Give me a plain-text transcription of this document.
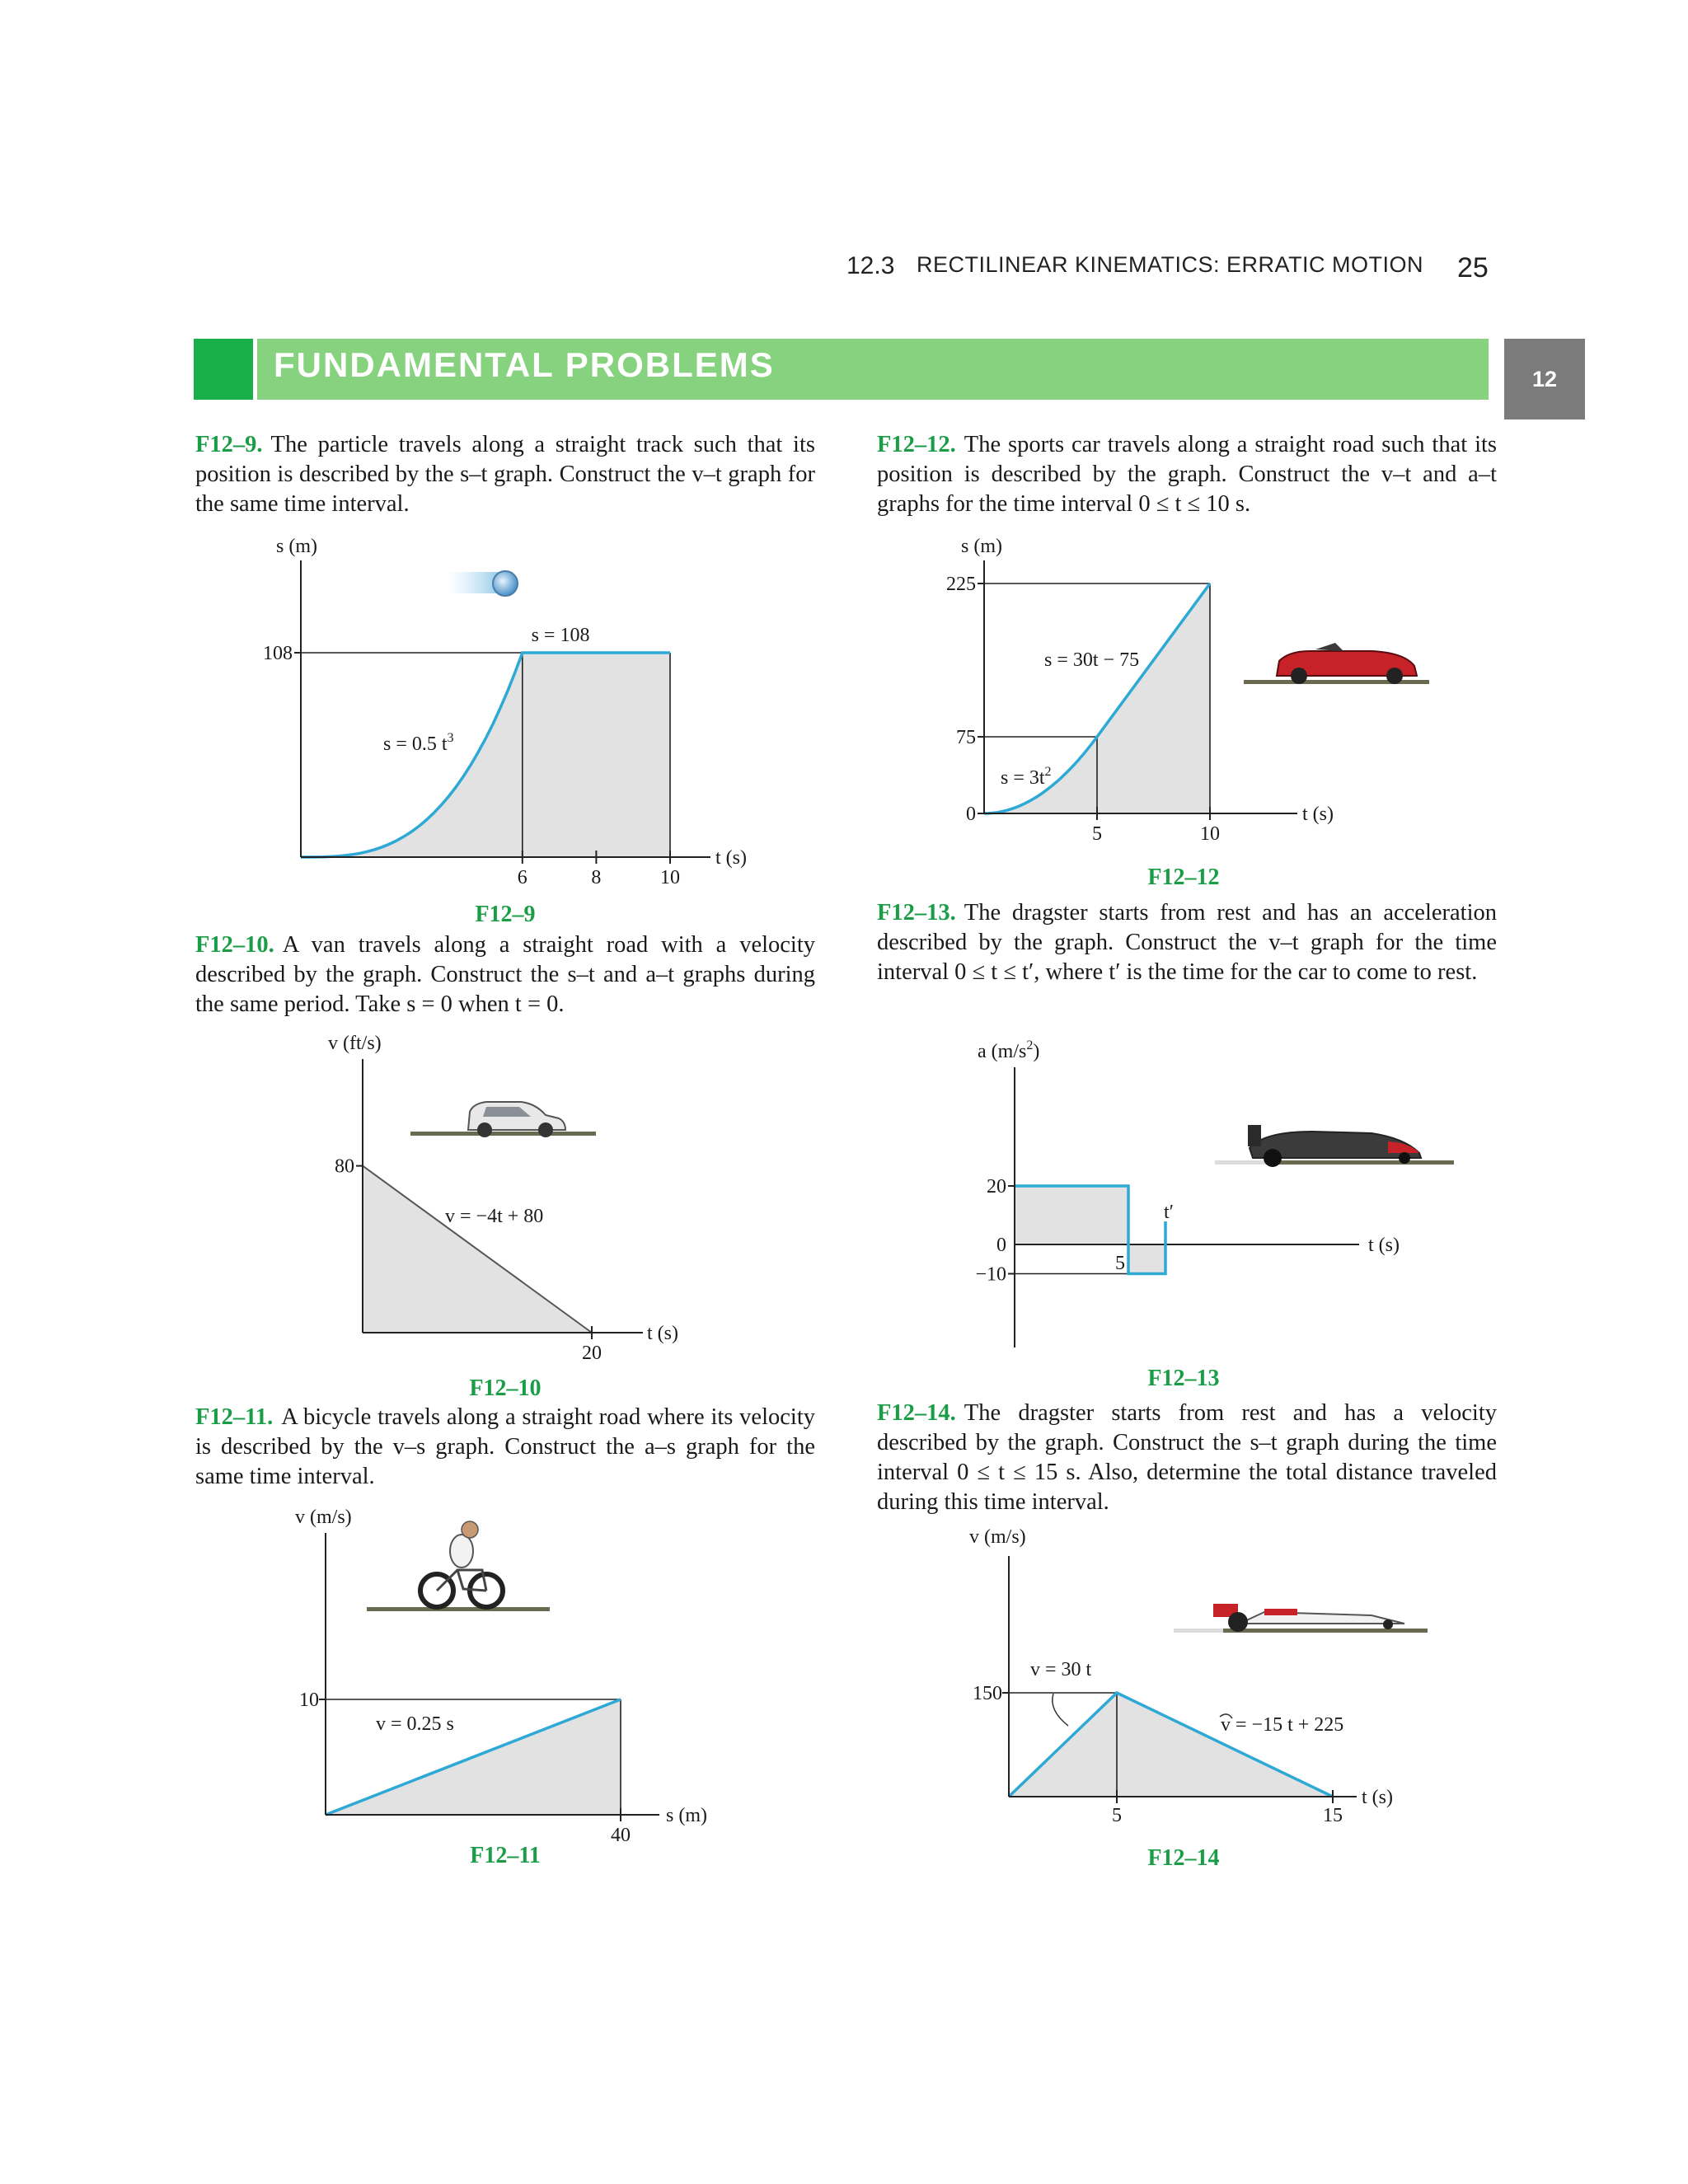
12.3 RECTILINEAR KINEMATICS: ERRATIC MOTION 25
FUNDAMENTAL PROBLEMS	12
F12–9. The particle travels along a straight track such that its position is described by the s–t graph. Construct the v–t graph for the same time interval.
F12–10. A van travels along a straight road with a velocity described by the graph. Construct the s–t and a–t graphs during the same period. Take s = 0 when t = 0.
F12–11. A bicycle travels along a straight road where its velocity is described by the v–s graph. Construct the a–s graph for the same time interval.
F12–12. The sports car travels along a straight road such that its position is described by the graph. Construct the v–t and a–t graphs for the time interval 0 ≤ t ≤ 10 s.
F12–13. The dragster starts from rest and has an acceleration described by the graph. Construct the v–t graph for the time interval 0 ≤ t ≤ t′, where t′ is the time for the car to come to rest.
F12–14. The dragster starts from rest and has a velocity described by the graph. Construct the s–t graph during the time interval 0 ≤ t ≤ 15 s. Also, determine the total distance traveled during this time interval.
s (m)
108
6	8	10
t (s)
s = 0.5 $t^3$
s = 108
F12–9
v (ft/s)
80
20
t (s)
v = −4t + 80
F12–10
v (m/s)
10
40
s (m)
v = 0.25 s
F12–11
s (m)
225
75
0
5	10
t (s)
s = 30t − 75
$s = 3t^2$
F12–12
a $(m/s^2)$
20
0
−10
5
t′
t (s)
F12–13
v (m/s)
150
5	15
t (s)
v = 30 t
v = −15 t + 225
F12–14
